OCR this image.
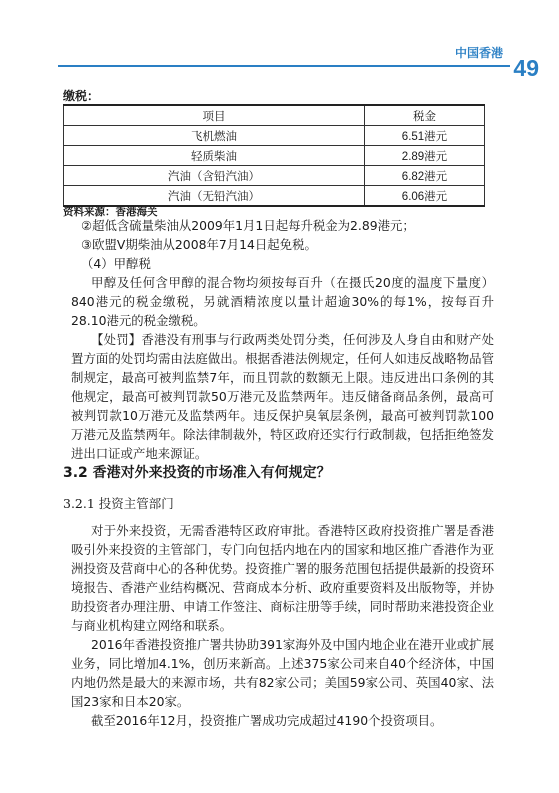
中国香港
49
缴税：
项目	税金
飞机燃油	6.51港元
轻质柴油	2.89港元
汽油（含铅汽油）	6.82港元
汽油（无铅汽油）	6.06港元
资料来源：香港海关

②超低含硫量柴油从2009年1月1日起每升税金为2.89港元；

③欧盟V期柴油从2008年7月14日起免税。

（4）甲醇税

甲醇及任何含甲醇的混合物均须按每百升（在摄氏20度的温度下量度）840港元的税金缴税，另就酒精浓度以量计超逾30%的每1%，按每百升28.10港元的税金缴税。

【处罚】香港没有刑事与行政两类处罚分类，任何涉及人身自由和财产处置方面的处罚均需由法庭做出。根据香港法例规定，任何人如违反战略物品管制规定，最高可被判监禁7年，而且罚款的数额无上限。违反进出口条例的其他规定，最高可被判罚款50万港元及监禁两年。违反储备商品条例，最高可被判罚款10万港元及监禁两年。违反保护臭氧层条例，最高可被判罚款100万港元及监禁两年。除法律制裁外，特区政府还实行行政制裁，包括拒绝签发进出口证或产地来源证。

3.2 香港对外来投资的市场准入有何规定？
3.2.1 投资主管部门

对于外来投资，无需香港特区政府审批。香港特区政府投资推广署是香港吸引外来投资的主管部门，专门向包括内地在内的国家和地区推广香港作为亚洲投资及营商中心的各种优势。投资推广署的服务范围包括提供最新的投资环境报告、香港产业结构概况、营商成本分析、政府重要资料及出版物等，并协助投资者办理注册、申请工作签注、商标注册等手续，同时帮助来港投资企业与商业机构建立网络和联系。

2016年香港投资推广署共协助391家海外及中国内地企业在港开业或扩展业务，同比增加4.1%，创历来新高。上述375家公司来自40个经济体，中国内地仍然是最大的来源市场，共有82家公司；美国59家公司、英国40家、法国23家和日本20家。

截至2016年12月，投资推广署成功完成超过4190个投资项目。
